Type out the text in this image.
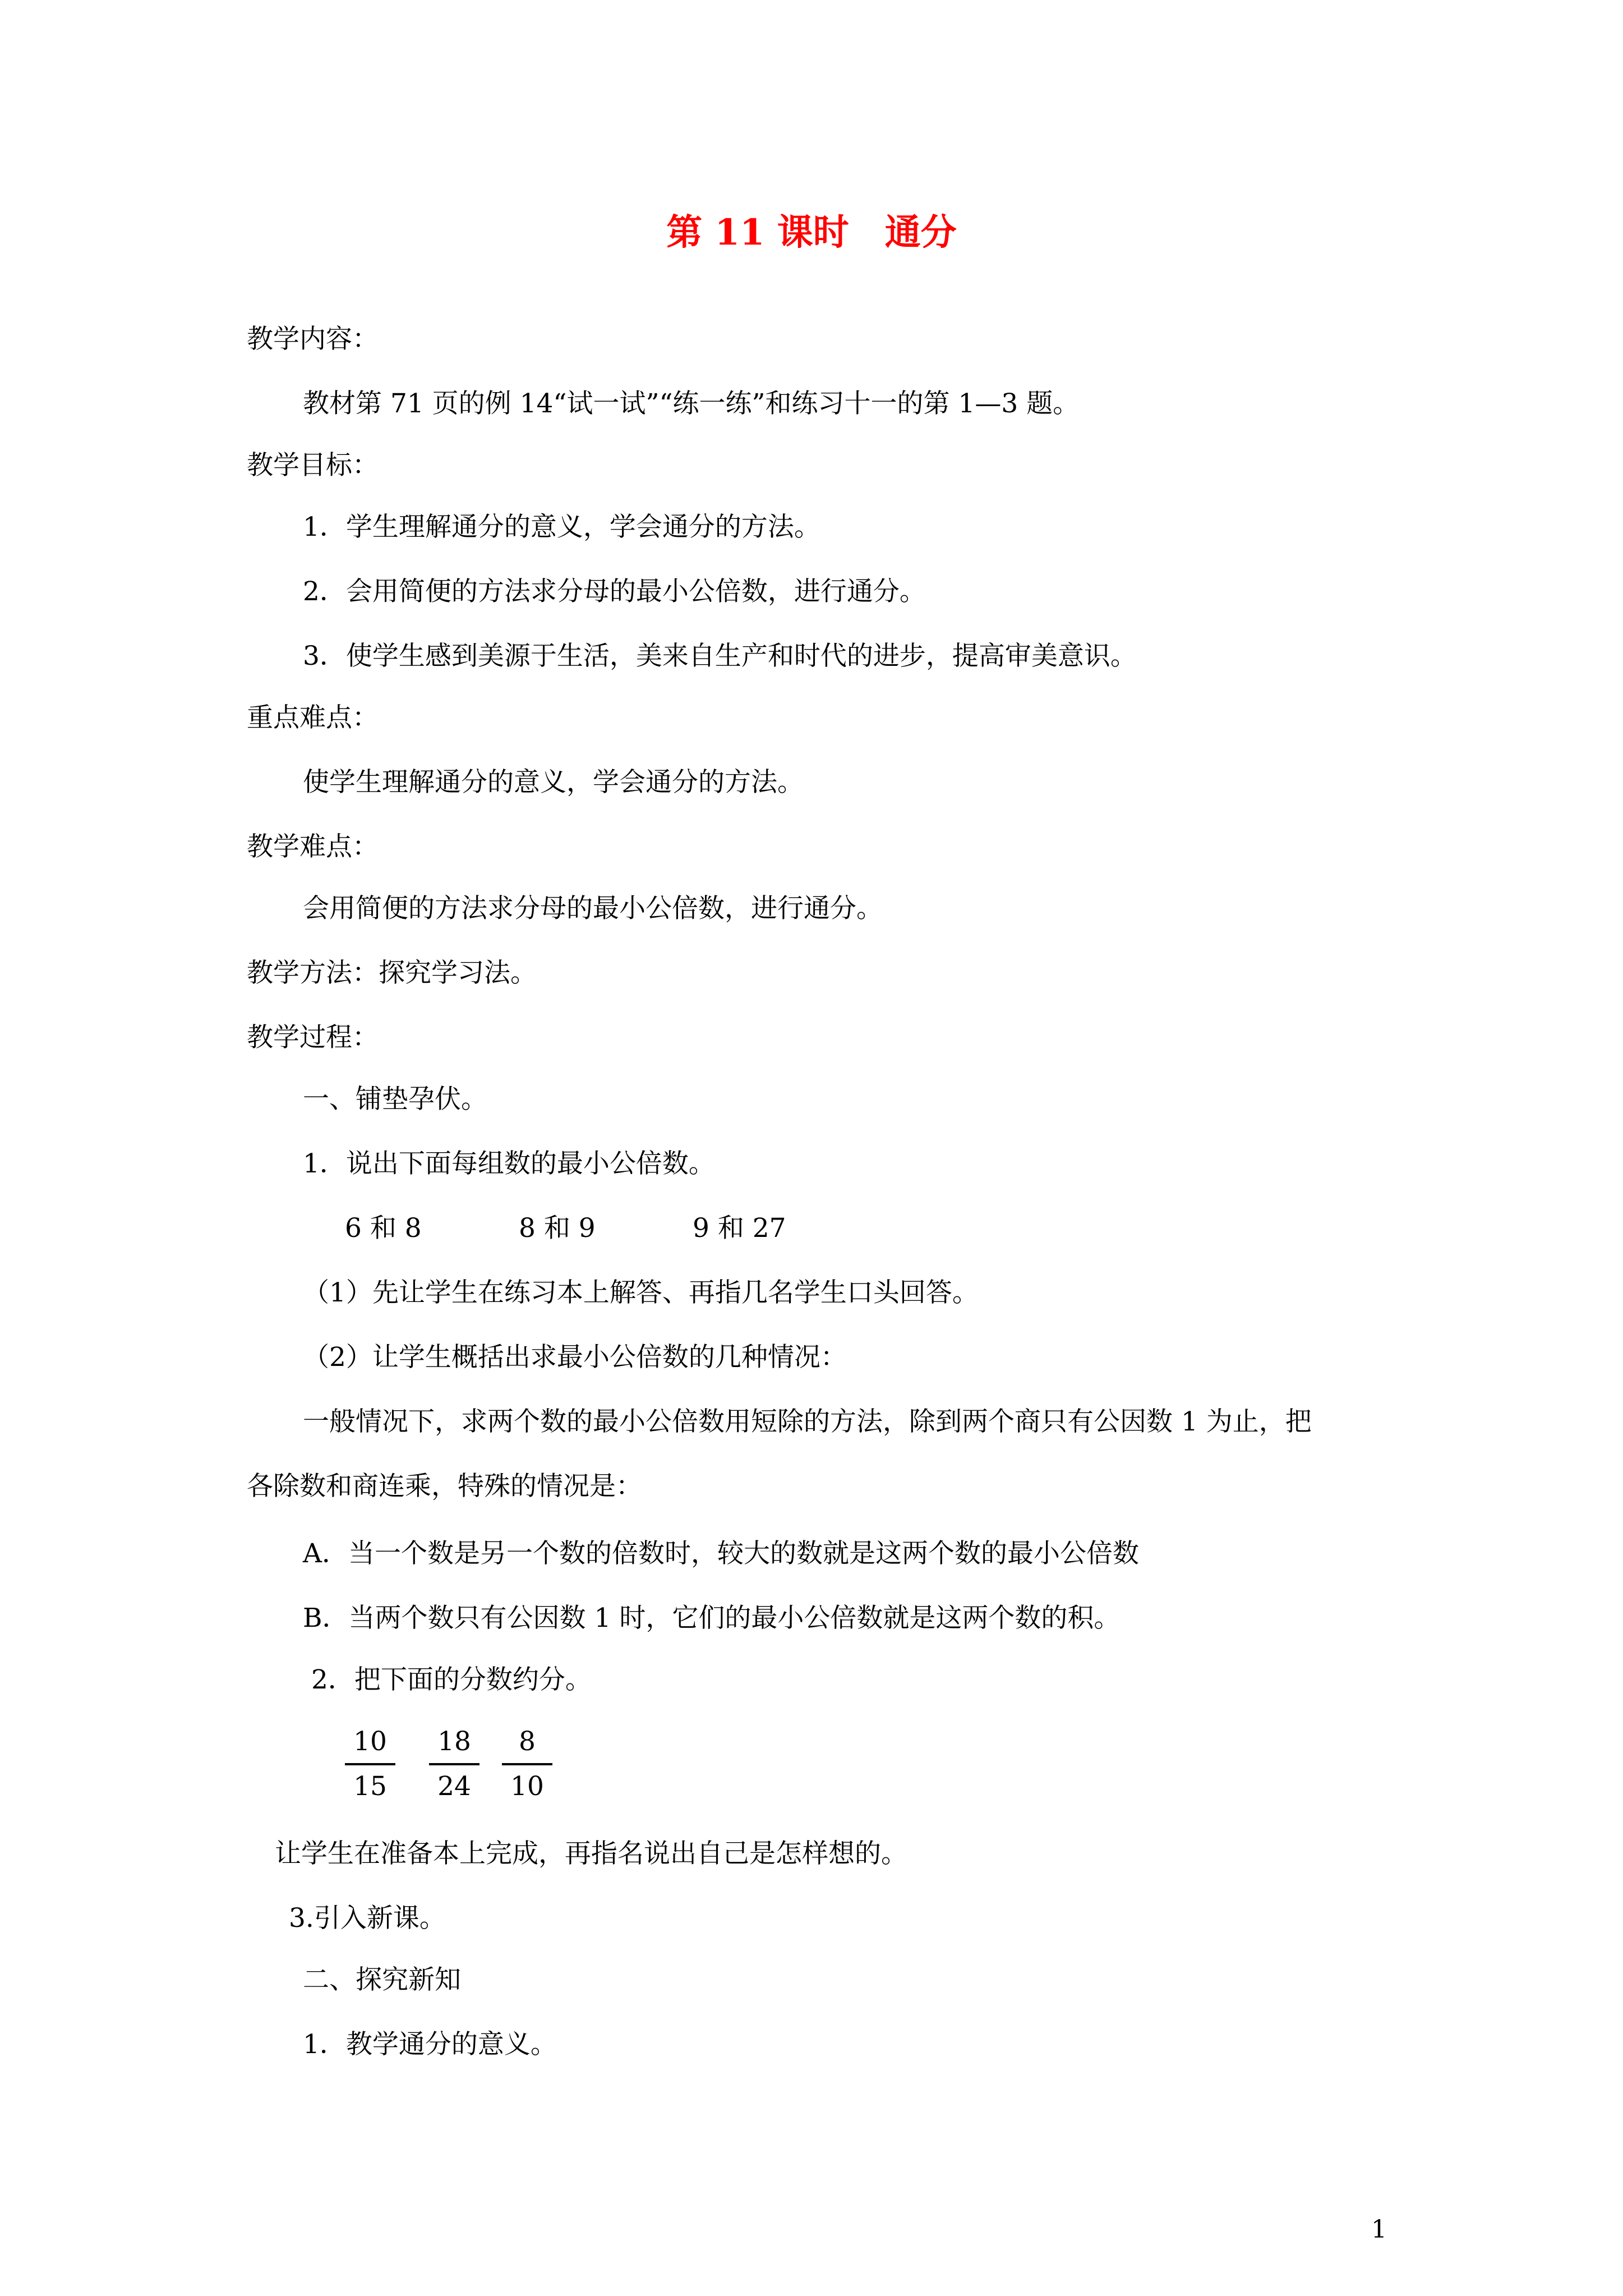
第 11 课时　通分

教学内容：

教材第 71 页的例 14“试一试”“练一练”和练习十一的第 1—3 题。

教学目标：

1．学生理解通分的意义，学会通分的方法。

2．会用简便的方法求分母的最小公倍数，进行通分。

3．使学生感到美源于生活，美来自生产和时代的进步，提高审美意识。

重点难点：

使学生理解通分的意义，学会通分的方法。

教学难点：

会用简便的方法求分母的最小公倍数，进行通分。

教学方法：探究学习法。

教学过程：

一、铺垫孕伏。

1．说出下面每组数的最小公倍数。

6 和 8	8 和 9	9 和 27

（1）先让学生在练习本上解答、再指几名学生口头回答。

（2）让学生概括出求最小公倍数的几种情况：

一般情况下，求两个数的最小公倍数用短除的方法，除到两个商只有公因数 1 为止，把

各除数和商连乘，特殊的情况是：

A．当一个数是另一个数的倍数时，较大的数就是这两个数的最小公倍数

B．当两个数只有公因数 1 时，它们的最小公倍数就是这两个数的积。

2．把下面的分数约分。

10
15
18
24
8
10

让学生在准备本上完成，再指名说出自己是怎样想的。

3.引入新课。

二、探究新知

1．教学通分的意义。

1
